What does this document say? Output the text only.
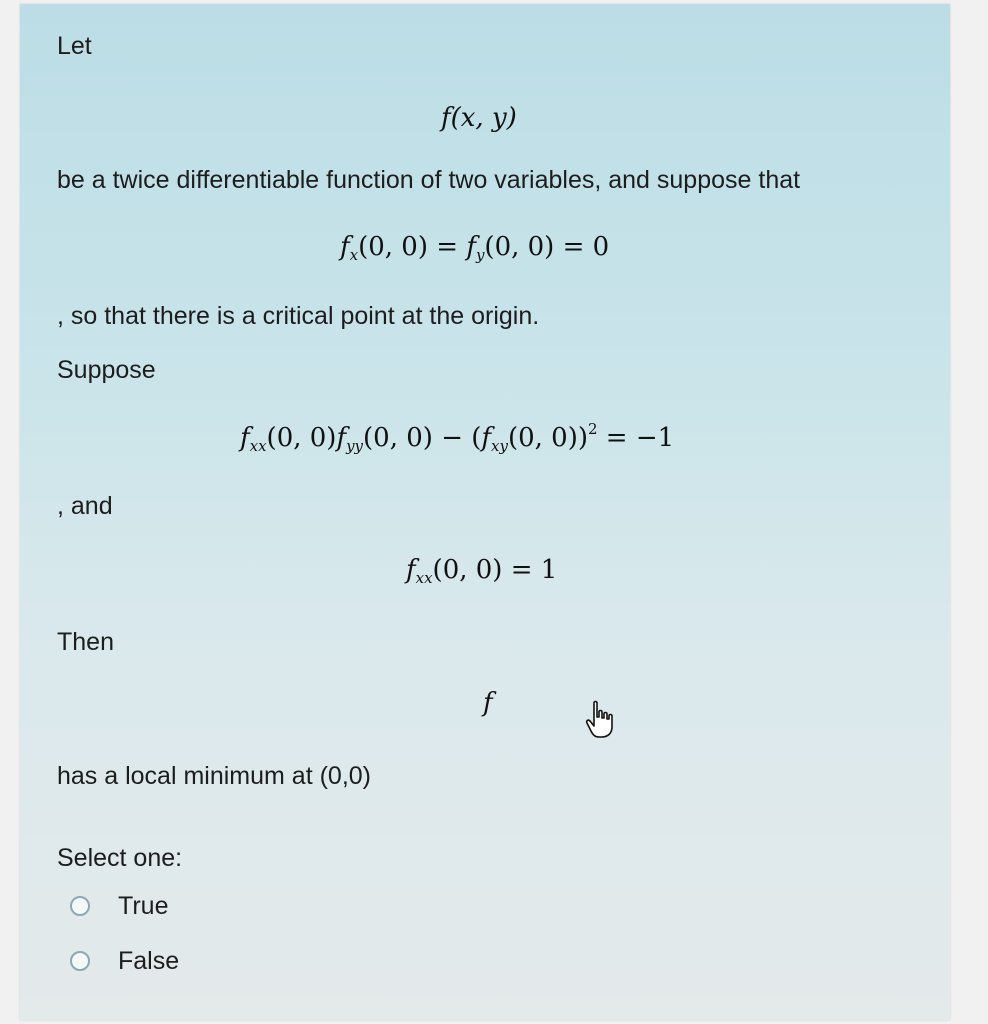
Let
f(x, y)
be a twice differentiable function of two variables, and suppose that
$f_x(0$, $0) = f_y(0$, 0) = 0
, so that there is a critical point at the origin.
Suppose
$f_{xx}(0$, $0)f_{yy}(0$, $0) - (f_{xy}(0$, 0))$^2$ = −1
, and
$f_{xx}(0$, 0) = 1
Then
f
has a local minimum at (0,0)
Select one:
True
False
